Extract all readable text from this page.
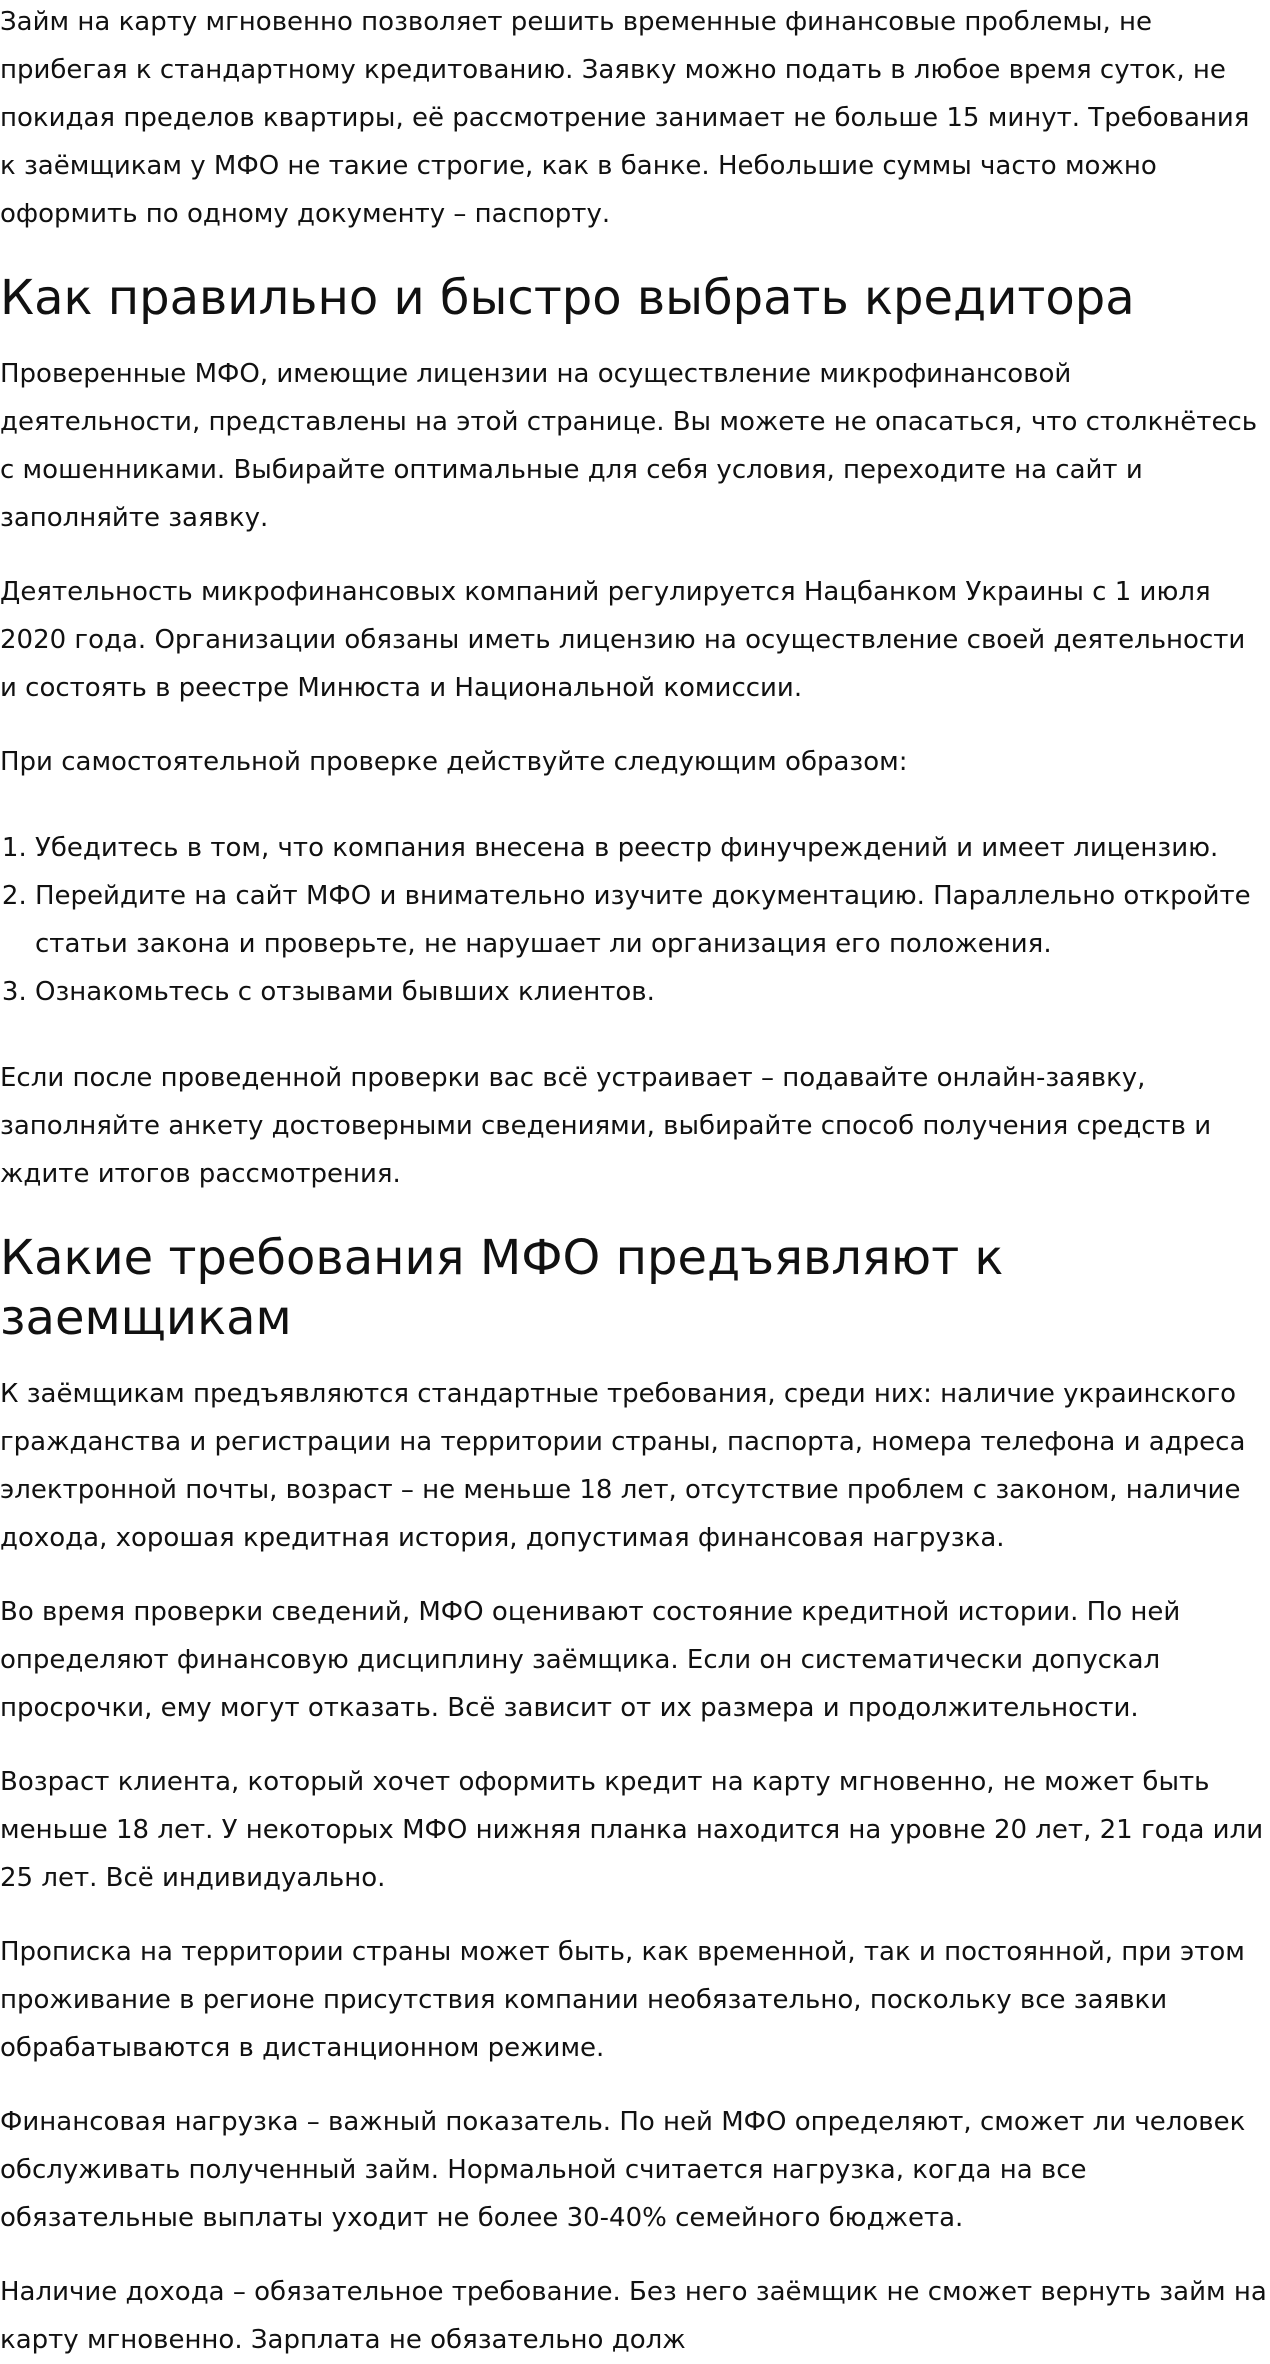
Займ на карту мгновенно позволяет решить временные финансовые проблемы, не прибегая к стандартному кредитованию. Заявку можно подать в любое время суток, не покидая пределов квартиры, её рассмотрение занимает не больше 15 минут. Требования к заёмщикам у МФО не такие строгие, как в банке. Небольшие суммы часто можно оформить по одному документу – паспорту.

Как правильно и быстро выбрать кредитора

Проверенные МФО, имеющие лицензии на осуществление микрофинансовой деятельности, представлены на этой странице. Вы можете не опасаться, что столкнётесь с мошенниками. Выбирайте оптимальные для себя условия, переходите на сайт и заполняйте заявку.

Деятельность микрофинансовых компаний регулируется Нацбанком Украины с 1 июля 2020 года. Организации обязаны иметь лицензию на осуществление своей деятельности и состоять в реестре Минюста и Национальной комиссии.

При самостоятельной проверке действуйте следующим образом:

1. Убедитесь в том, что компания внесена в реестр финучреждений и имеет лицензию.
2. Перейдите на сайт МФО и внимательно изучите документацию. Параллельно откройте статьи закона и проверьте, не нарушает ли организация его положения.
3. Ознакомьтесь с отзывами бывших клиентов.

Если после проведенной проверки вас всё устраивает – подавайте онлайн-заявку, заполняйте анкету достоверными сведениями, выбирайте способ получения средств и ждите итогов рассмотрения.

Какие требования МФО предъявляют к заемщикам

К заёмщикам предъявляются стандартные требования, среди них: наличие украинского гражданства и регистрации на территории страны, паспорта, номера телефона и адреса электронной почты, возраст – не меньше 18 лет, отсутствие проблем с законом, наличие дохода, хорошая кредитная история, допустимая финансовая нагрузка.

Во время проверки сведений, МФО оценивают состояние кредитной истории. По ней определяют финансовую дисциплину заёмщика. Если он систематически допускал просрочки, ему могут отказать. Всё зависит от их размера и продолжительности.

Возраст клиента, который хочет оформить кредит на карту мгновенно, не может быть меньше 18 лет. У некоторых МФО нижняя планка находится на уровне 20 лет, 21 года или 25 лет. Всё индивидуально.

Прописка на территории страны может быть, как временной, так и постоянной, при этом проживание в регионе присутствия компании необязательно, поскольку все заявки обрабатываются в дистанционном режиме.

Финансовая нагрузка – важный показатель. По ней МФО определяют, сможет ли человек обслуживать полученный займ. Нормальной считается нагрузка, когда на все обязательные выплаты уходит не более 30-40% семейного бюджета.

Наличие дохода – обязательное требование. Без него заёмщик не сможет вернуть займ на карту мгновенно. Зарплата не обязательно долж
